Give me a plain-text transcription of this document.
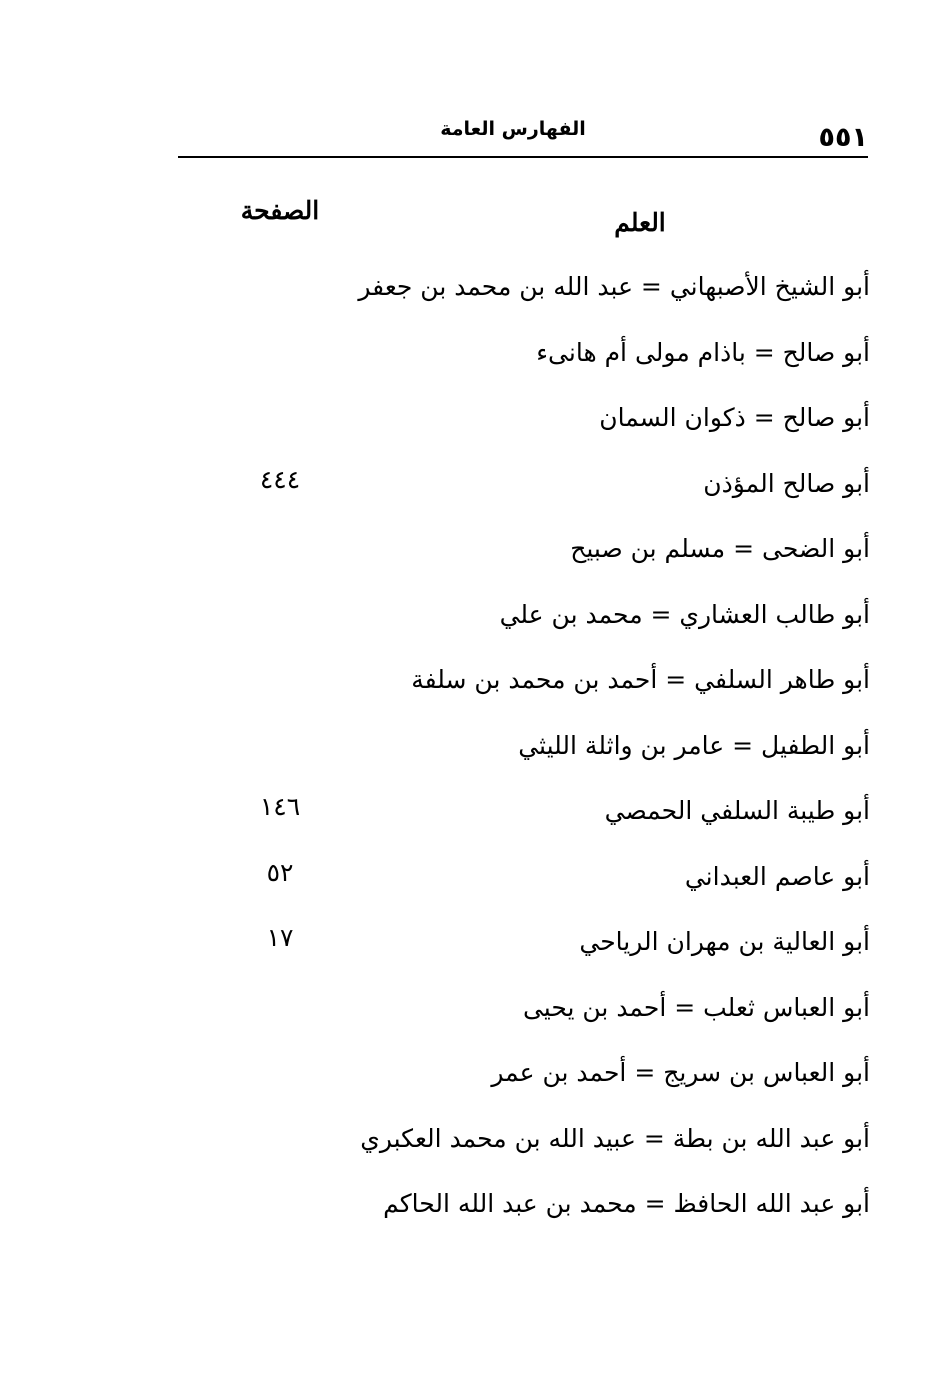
٥٥١
الفهارس العامة
العلم
الصفحة
أبو الشيخ الأصبهاني = عبد الله بن محمد بن جعفر
أبو صالح = باذام مولى أم هانىء
أبو صالح = ذكوان السمان
أبو صالح المؤذن
٤٤٤
أبو الضحى = مسلم بن صبيح
أبو طالب العشاري = محمد بن علي
أبو طاهر السلفي = أحمد بن محمد بن سلفة
أبو الطفيل = عامر بن واثلة الليثي
أبو طيبة السلفي الحمصي
١٤٦
أبو عاصم العبداني
٥٢
أبو العالية بن مهران الرياحي
١٧
أبو العباس ثعلب = أحمد بن يحيى
أبو العباس بن سريج = أحمد بن عمر
أبو عبد الله بن بطة = عبيد الله بن محمد العكبري
أبو عبد الله الحافظ = محمد بن عبد الله الحاكم
